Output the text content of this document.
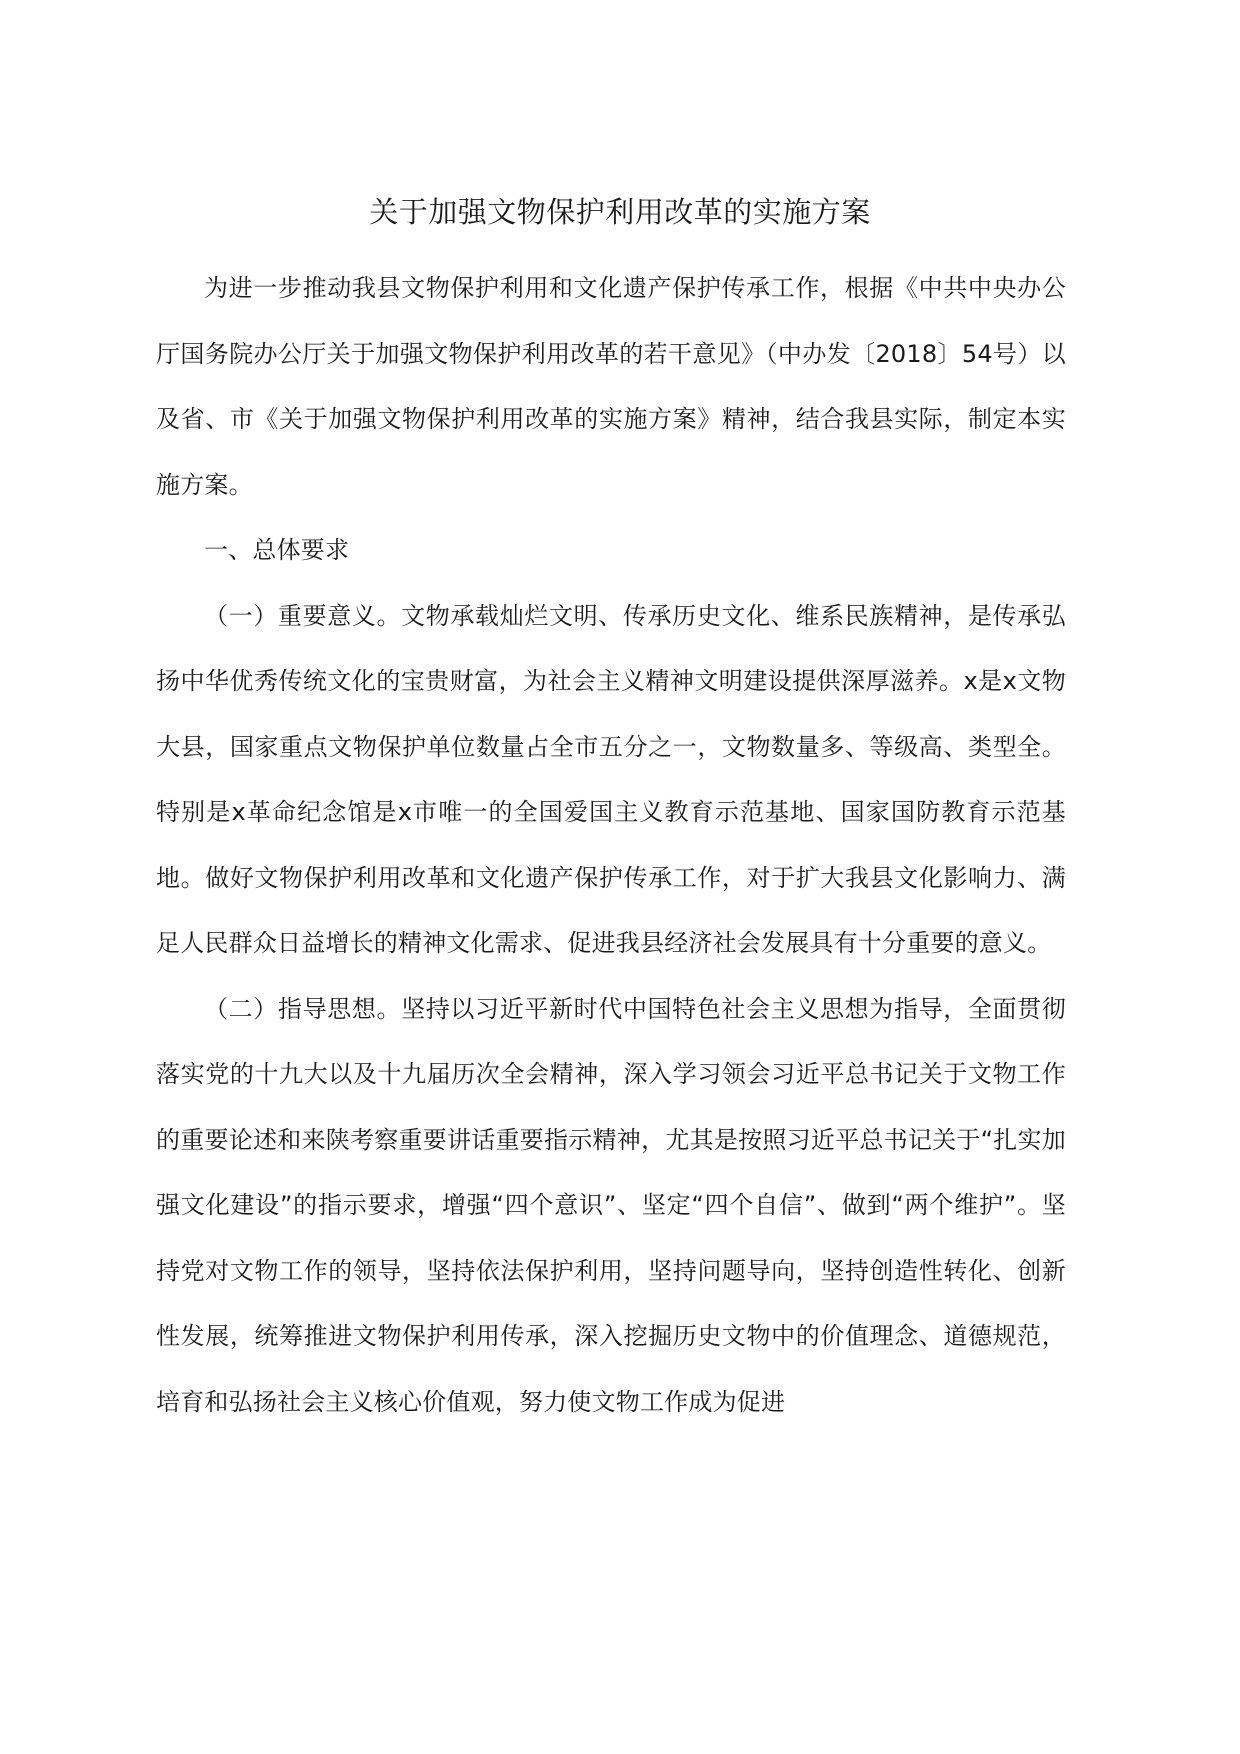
关于加强文物保护利用改革的实施方案

为进一步推动我县文物保护利用和文化遗产保护传承工作，根据《中共中央办公厅国务院办公厅关于加强文物保护利用改革的若干意见》（中办发〔2018〕54号）以及省、市《关于加强文物保护利用改革的实施方案》精神，结合我县实际，制定本实施方案。

一、总体要求

（一）重要意义。文物承载灿烂文明、传承历史文化、维系民族精神，是传承弘扬中华优秀传统文化的宝贵财富，为社会主义精神文明建设提供深厚滋养。x是x文物大县，国家重点文物保护单位数量占全市五分之一，文物数量多、等级高、类型全。特别是x革命纪念馆是x市唯一的全国爱国主义教育示范基地、国家国防教育示范基地。做好文物保护利用改革和文化遗产保护传承工作，对于扩大我县文化影响力、满足人民群众日益增长的精神文化需求、促进我县经济社会发展具有十分重要的意义。

（二）指导思想。坚持以习近平新时代中国特色社会主义思想为指导，全面贯彻落实党的十九大以及十九届历次全会精神，深入学习领会习近平总书记关于文物工作的重要论述和来陕考察重要讲话重要指示精神，尤其是按照习近平总书记关于“扎实加强文化建设”的指示要求，增强“四个意识”、坚定“四个自信”、做到“两个维护”。坚持党对文物工作的领导，坚持依法保护利用，坚持问题导向，坚持创造性转化、创新性发展，统筹推进文物保护利用传承，深入挖掘历史文物中的价值理念、道德规范，培育和弘扬社会主义核心价值观，努力使文物工作成为促进
